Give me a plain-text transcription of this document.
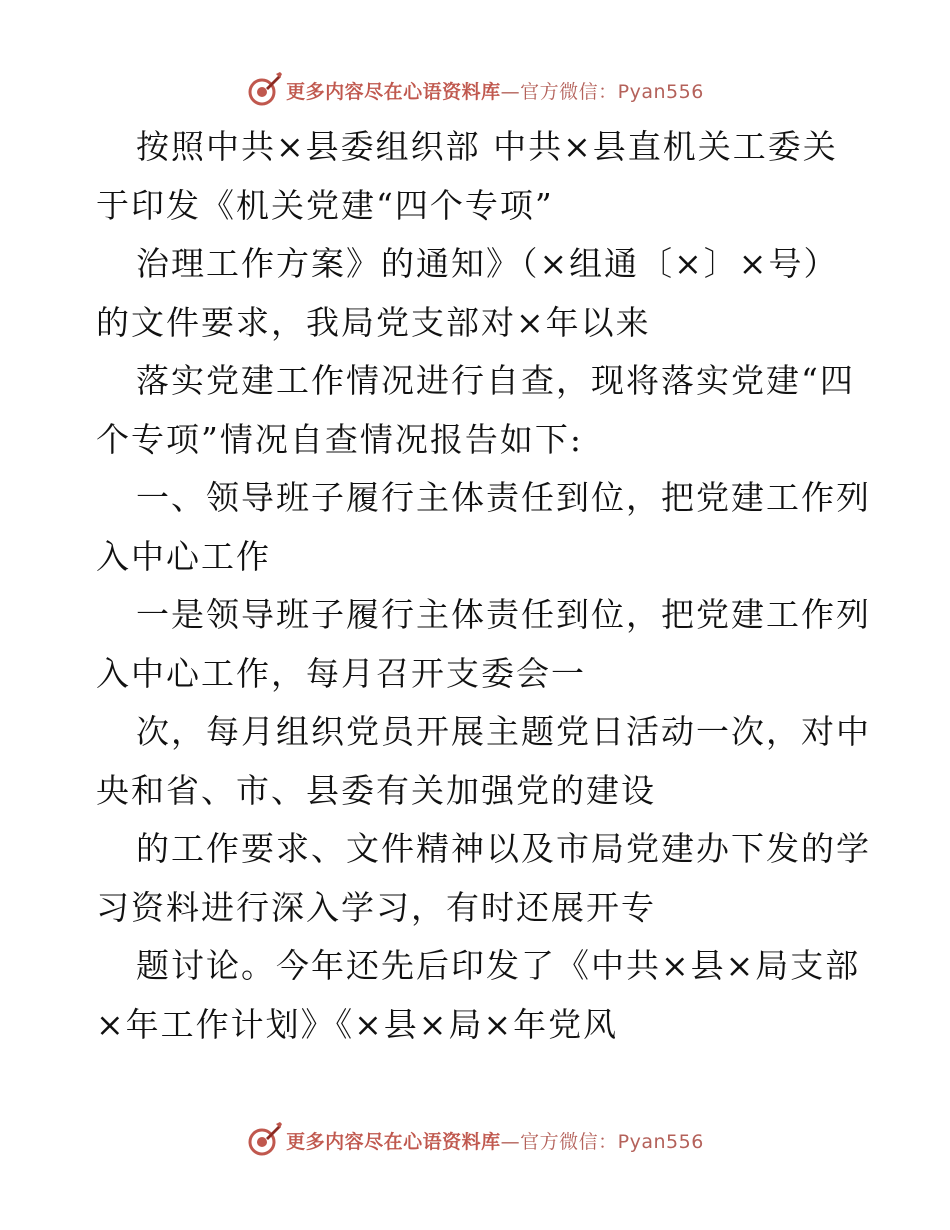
更多内容尽在心语资料库—官方微信：Pyan556
按照中共×县委组织部 中共×县直机关工委关
于印发《机关党建“四个专项”
治理工作方案》的通知》（×组通〔×〕×号）
的文件要求，我局党支部对×年以来
落实党建工作情况进行自查，现将落实党建“四
个专项”情况自查情况报告如下:
一、领导班子履行主体责任到位，把党建工作列
入中心工作
一是领导班子履行主体责任到位，把党建工作列
入中心工作，每月召开支委会一
次，每月组织党员开展主题党日活动一次，对中
央和省、市、县委有关加强党的建设
的工作要求、文件精神以及市局党建办下发的学
习资料进行深入学习，有时还展开专
题讨论。今年还先后印发了《中共×县×局支部
×年工作计划》《×县×局×年党风
更多内容尽在心语资料库—官方微信：Pyan556
